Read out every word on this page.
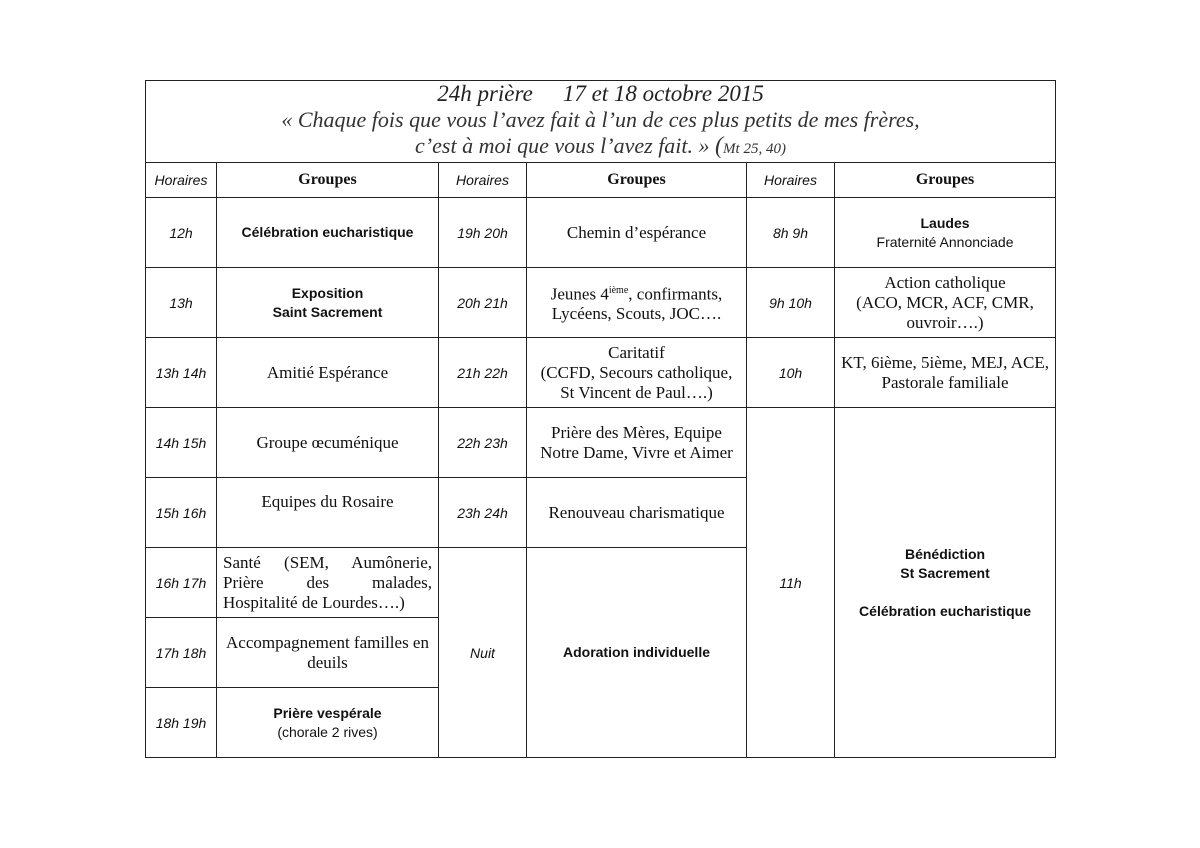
24h prière 17 et 18 octobre 2015
« Chaque fois que vous l’avez fait à l’un de ces plus petits de mes frères,
c’est à moi que vous l’avez fait. » (Mt 25, 40)					

Horaires	Groupes	Horaires	Groupes	Horaires	Groupes
12h	Célébration eucharistique	19h 20h	Chemin d’espérance	8h 9h	Laudes
Fraternité Annonciade

13h	Exposition
Saint Sacrement	20h 21h	Jeunes 4ième, confirmants,
Lycéens, Scouts, JOC….	9h 10h	Action catholique
(ACO, MCR, ACF, CMR,
ouvroir….)

13h 14h	Amitié Espérance	21h 22h	Caritatif
(CCFD, Secours catholique,
St Vincent de Paul….)	10h	KT, 6ième, 5ième, MEJ, ACE,
Pastorale familiale

14h 15h	Groupe œcuménique	22h 23h	Prière des Mères, Equipe
Notre Dame, Vivre et Aimer	11h	Bénédiction
St Sacrement
Célébration eucharistique

15h 16h	Equipes du Rosaire	23h 24h	Renouveau charismatique		
16h 17h	Santé (SEM, Aumônerie, Prière des malades, Hospitalité de Lourdes….)	Nuit	Adoration individuelle		
17h 18h	Accompagnement familles en deuils				
18h 19h	Prière vespérale
(chorale 2 rives)				
